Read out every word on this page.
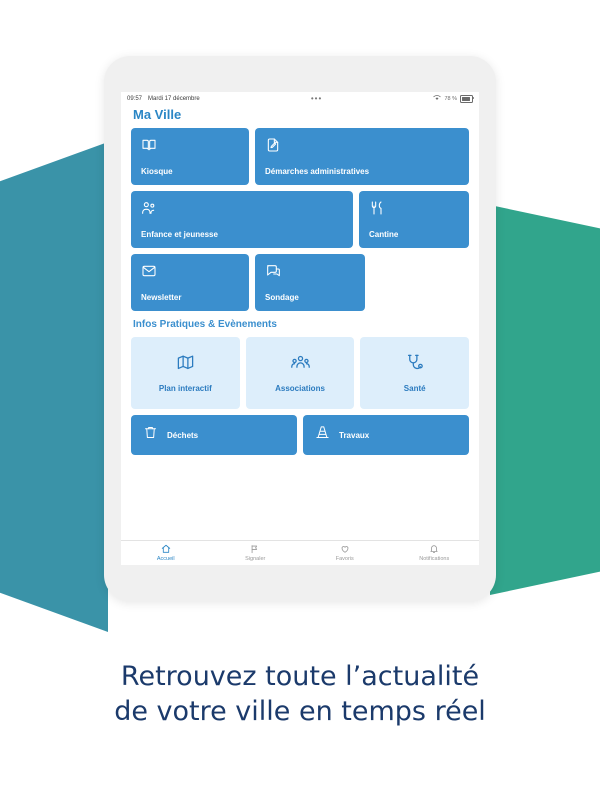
09:57 Mardi 17 décembre	•••	78 %
Ma Ville
Kiosque	Démarches administratives
Enfance et jeunesse	Cantine
Newsletter	Sondage
Infos Pratiques & Evènements
Plan interactif	Associations	Santé
Déchets	Travaux
Accueil	Signaler	Favoris	Notifications
Retrouvez toute l’actualité
de votre ville en temps réel
